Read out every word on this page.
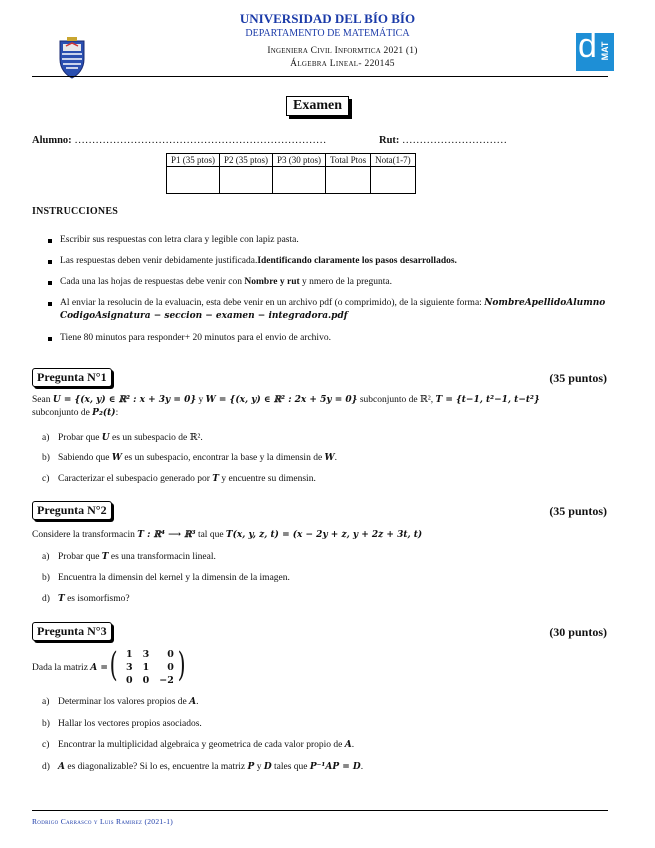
d MAT
UNIVERSIDAD DEL BÍO BÍO
DEPARTAMENTO DE MATEMÁTICA
Ingeniera Civil Informtica 2021 (1)
Álgebra Lineal- 220145
Examen
Alumno: ………………………………………………………………	Rut: …………………………
P1 (35 ptos)	P2 (35 ptos)	P3 (30 ptos)	Total Ptos	Nota(1-7)

INSTRUCCIONES
Escribir sus respuestas con letra clara y legible con lapiz pasta.
Las respuestas deben venir debidamente justificada.Identificando claramente los pasos desarrollados.
Cada una las hojas de respuestas debe venir con Nombre y rut y nmero de la pregunta.
Al enviar la resolucin de la evaluacin, esta debe venir en un archivo pdf (o comprimido), de la siguiente forma: NombreApellidoAlumno
CodigoAsignatura − seccion − examen − integradora.pdf
Tiene 80 minutos para responder+ 20 minutos para el envio de archivo.
Pregunta N°1	(35 puntos)
Sean U = {(x, y) ∈ ℝ² : x + 3y = 0} y W = {(x, y) ∈ ℝ² : 2x + 5y = 0} subconjunto de ℝ², T = {t−1, t²−1, t−t²}
subconjunto de P₂(t):
a) Probar que U es un subespacio de ℝ².
b) Sabiendo que W es un subespacio, encontrar la base y la dimensin de W.
c) Caracterizar el subespacio generado por T y encuentre su dimensin.
Pregunta N°2	(35 puntos)
Considere la transformacin T : ℝ⁴ ⟶ ℝ³ tal que T(x, y, z, t) = (x − 2y + z, y + 2z + 3t, t)
a) Probar que T es una transformacin lineal.
b) Encuentra la dimensin del kernel y la dimensin de la imagen.
d) T es isomorfismo?
Pregunta N°3	(30 puntos)
Dada la matriz A = ( 1	3	0
3	1	0
0	0	−2 )
a) Determinar los valores propios de A.
b) Hallar los vectores propios asociados.
c) Encontrar la multiplicidad algebraica y geometrica de cada valor propio de A.
d) A es diagonalizable? Si lo es, encuentre la matriz P y D tales que P⁻¹AP = D.
Rodrigo Carrasco y Luis Ramirez (2021-1)
